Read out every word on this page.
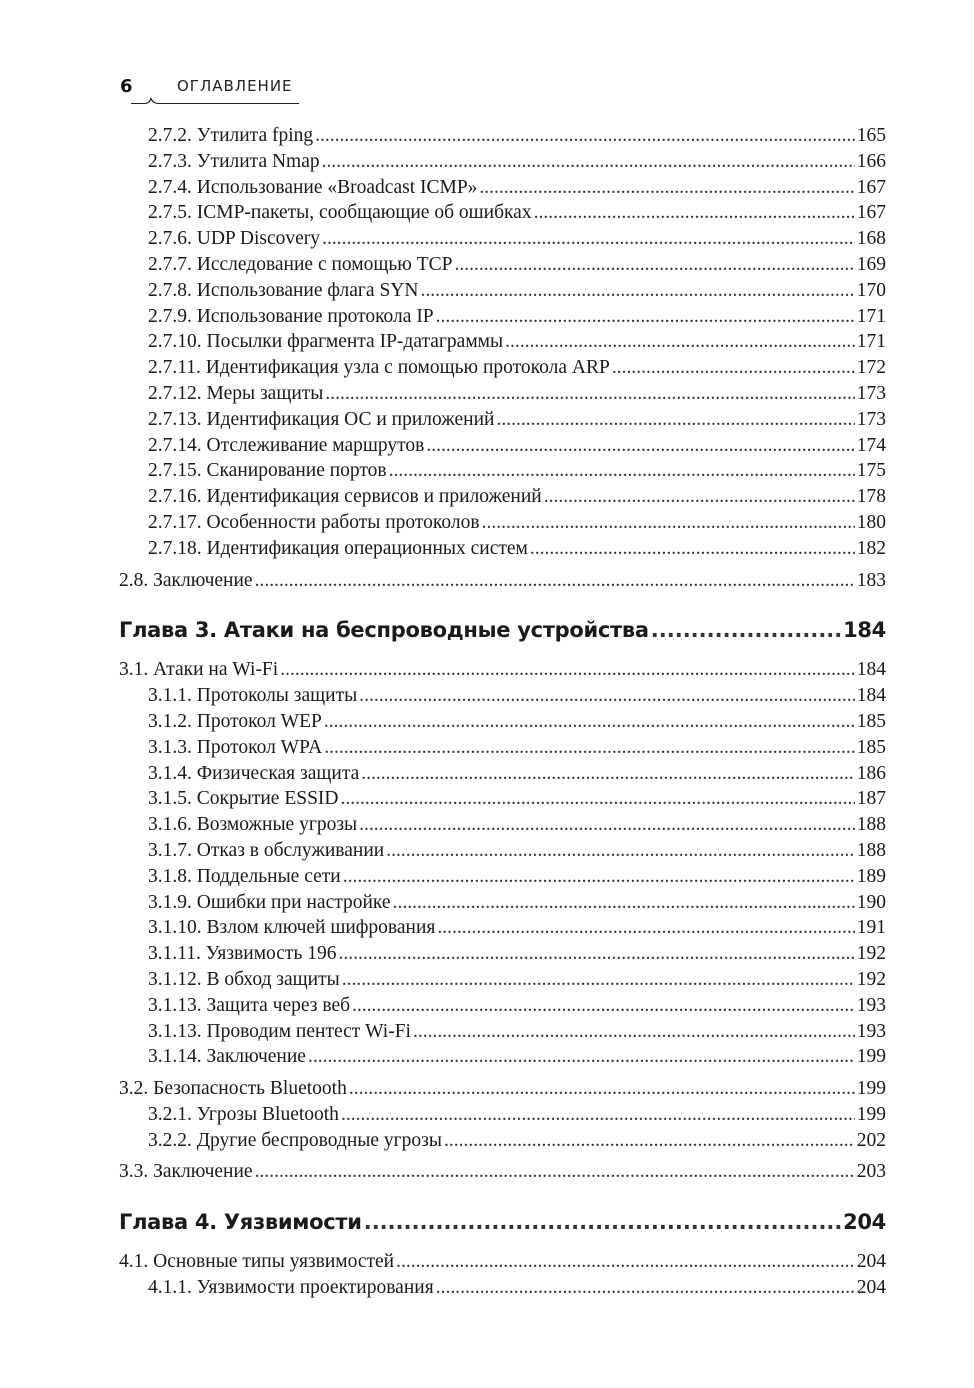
6	ОГЛАВЛЕНИЕ
2.7.2. Утилита fping .....	165
2.7.3. Утилита Nmap .....	166
2.7.4. Использование «Broadcast ICMP» .....	167
2.7.5. ICMP-пакеты, сообщающие об ошибках .....	167
2.7.6. UDP Discovery .....	168
2.7.7. Исследование с помощью TCP .....	169
2.7.8. Использование флага SYN .....	170
2.7.9. Использование протокола IP .....	171
2.7.10. Посылки фрагмента IP-датаграммы .....	171
2.7.11. Идентификация узла с помощью протокола ARP .....	172
2.7.12. Меры защиты .....	173
2.7.13. Идентификация ОС и приложений .....	173
2.7.14. Отслеживание маршрутов .....	174
2.7.15. Сканирование портов .....	175
2.7.16. Идентификация сервисов и приложений .....	178
2.7.17. Особенности работы протоколов .....	180
2.7.18. Идентификация операционных систем .....	182
2.8. Заключение .....	183
Глава 3. Атаки на беспроводные устройства .....	184
3.1. Атаки на Wi-Fi .....	184
3.1.1. Протоколы защиты .....	184
3.1.2. Протокол WEP .....	185
3.1.3. Протокол WPA .....	185
3.1.4. Физическая защита .....	186
3.1.5. Сокрытие ESSID .....	187
3.1.6. Возможные угрозы .....	188
3.1.7. Отказ в обслуживании .....	188
3.1.8. Поддельные сети .....	189
3.1.9. Ошибки при настройке .....	190
3.1.10. Взлом ключей шифрования .....	191
3.1.11. Уязвимость 196 .....	192
3.1.12. В обход защиты .....	192
3.1.13. Защита через веб .....	193
3.1.13. Проводим пентест Wi-Fi .....	193
3.1.14. Заключение .....	199
3.2. Безопасность Bluetooth .....	199
3.2.1. Угрозы Bluetooth .....	199
3.2.2. Другие беспроводные угрозы .....	202
3.3. Заключение .....	203
Глава 4. Уязвимости .....	204
4.1. Основные типы уязвимостей .....	204
4.1.1. Уязвимости проектирования .....	204
